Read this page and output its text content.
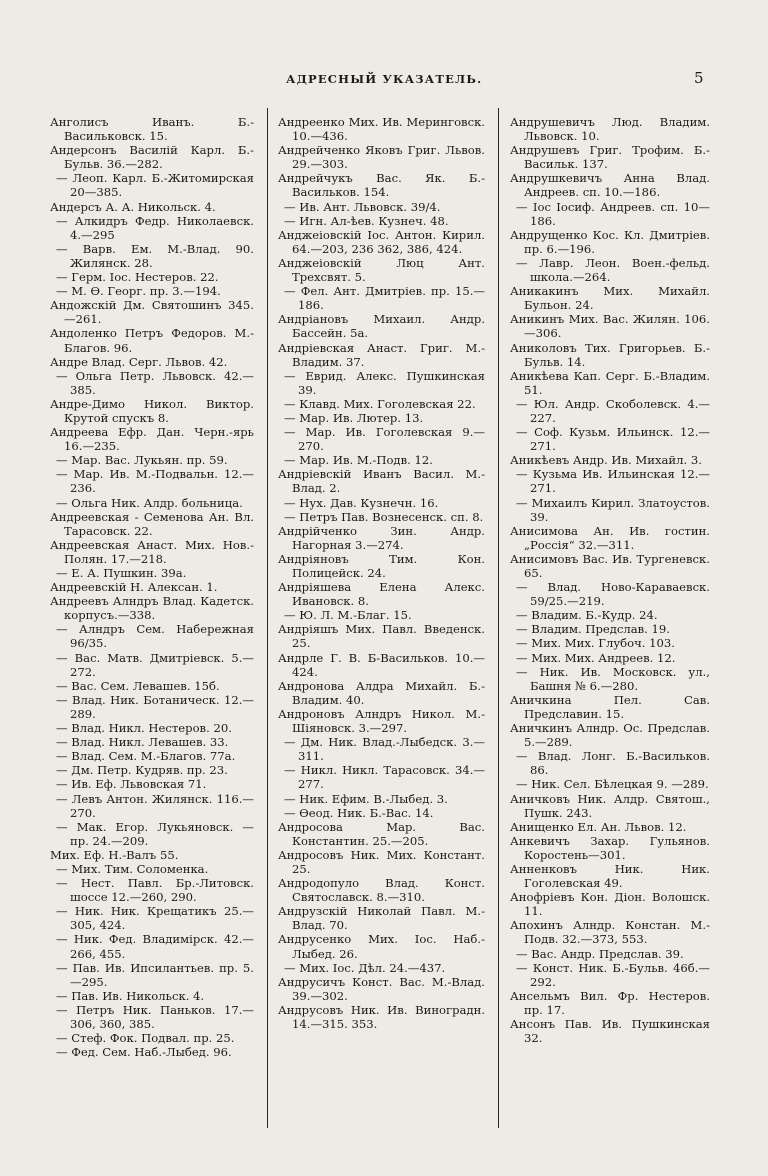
АДРЕСНЫЙ УКАЗАТЕЛЬ.	5

Анголисъ Иванъ. Б.-Васильковск. 15.

Андерсонъ Василій Карл. Б.-Бульв. 36.—282.

— Леоп. Карл. Б.-Житомирская 20—385.

Андерсъ А. А. Никольск. 4.

— Алкидръ Федр. Николаевск. 4.—295

— Варв. Ем. М.-Влад. 90. Жилянск. 28.

— Герм. Іос. Нестеров. 22.

— М. Ѳ. Георг. пр. 3.—194.

Андожскій Дм. Святошинъ 345.—261.

Андоленко Петръ Федоров. М.-Благов. 96.

Андре Влад. Серг. Львов. 42.

— Ольга Петр. Львовск. 42.—385.

Андре-Димо Никол. Виктор. Крутой спускъ 8.

Андреева Ефр. Дан. Черн.-ярь 16.—235.

— Мар. Вас. Лукьян. пр. 59.

— Мар. Ив. М.-Подвальн. 12.—236.

— Ольга Ник. Алдр. больница.

Андреевская - Семенова Ан. Вл. Тарасовск. 22.

Андреевская Анаст. Мих. Нов.-Полян. 17.—218.

— Е. А. Пушкин. 39а.

Андреевскій Н. Алексан. 1.

Андреевъ Алндръ Влад. Кадетск. корпусъ.—338.

— Алндръ Сем. Набережная 96/35.

— Вас. Матв. Дмитріевск. 5.—272.

— Вас. Сем. Левашев. 15б.

— Влад. Ник. Ботаническ. 12.—289.

— Влад. Никл. Нестеров. 20.

— Влад. Никл. Левашев. 33.

— Влад. Сем. М.-Благов. 77а.

— Дм. Петр. Кудряв. пр. 23.

— Ив. Еф. Львовская 71.

— Левъ Антон. Жилянск. 116.—270.

— Мак. Егор. Лукьяновск. — пр. 24.—209.

Мих. Еф. Н.-Валъ 55.

— Мих. Тим. Соломенка.

— Нест. Павл. Бр.-Литовск. шоссе 12.—260, 290.

— Ник. Ник. Крещатикъ 25.—305, 424.

— Ник. Фед. Владимірск. 42.—266, 455.

— Пав. Ив. Ипсилантьев. пр. 5.—295.

— Пав. Ив. Никольск. 4.

— Петръ Ник. Паньков. 17.—306, 360, 385.

— Стеф. Фок. Подвал. пр. 25.

— Фед. Сем. Наб.-Лыбед. 96.

Андреенко Мих. Ив. Меринговск. 10.—436.

Андрейченко Яковъ Григ. Львов. 29.—303.

Андрейчукъ Вас. Як. Б.-Васильков. 154.

— Ив. Ант. Львовск. 39/4.

— Игн. Ал-ѣев. Кузнеч. 48.

Анджеіовскій Іос. Антон. Кирил. 64.—203, 236 362, 386, 424.

Анджеіовскій Люц Ант. Трехсвят. 5.

— Фел. Ант. Дмитріев. пр. 15.—186.

Андріановъ Михаил. Андр. Бассейн. 5а.

Андріевская Анаст. Григ. М.-Владим. 37.

— Еврид. Алекс. Пушкинская 39.

— Клавд. Мих. Гоголевская 22.

— Мар. Ив. Лютер. 13.

— Мар. Ив. Гоголевская 9.—270.

— Мар. Ив. М.-Подв. 12.

Андріевскій Иванъ Васил. М.-Влад. 2.

— Нух. Дав. Кузнечн. 16.

— Петръ Пав. Вознесенск. сп. 8.

Андрійченко Зин. Андр. Нагорная 3.—274.

Андріяновъ Тим. Кон. Полицейск. 24.

Андріяшева Елена Алекс. Ивановск. 8.

— Ю. Л. М.-Благ. 15.

Андріяшъ Мих. Павл. Введенск. 25.

Андрле Г. В. Б-Васильков. 10.—424.

Андронова Алдра Михайл. Б.-Владим. 40.

Андроновъ Алндръ Никол. М.-Шіяновск. 3.—297.

— Дм. Ник. Влад.-Лыбедск. 3.—311.

— Никл. Никл. Тарасовск. 34.—277.

— Ник. Ефим. В.-Лыбед. 3.

— Ѳеод. Ник. Б.-Вас. 14.

Андросова Мар. Вас. Константин. 25.—205.

Андросовъ Ник. Мих. Констант. 25.

Андродопуло Влад. Конст. Святославск. 8.—310.

Андрузскій Николай Павл. М.-Влад. 70.

Андрусенко Мих. Іос. Наб.-Лыбед. 26.

— Мих. Іос. Дѣл. 24.—437.

Андрусичъ Конст. Вас. М.-Влад. 39.—302.

Андрусовъ Ник. Ив. Виноградн. 14.—315. 353.

Андрушевичъ Люд. Владим. Львовск. 10.

Андрушевъ Григ. Трофим. Б.-Васильк. 137.

Андрушкевичъ Анна Влад. Андреев. сп. 10.—186.

— Іос Іосиф. Андреев. сп. 10—186.

Андрущенко Кос. Кл. Дмитріев. пр. 6.—196.

— Лавр. Леон. Воен.-фельд. школа.—264.

Аникакинъ Мих. Михайл. Бульон. 24.

Аникинъ Мих. Вас. Жилян. 106.—306.

Аниколовъ Тих. Григорьев. Б.-Бульв. 14.

Аникѣева Кап. Серг. Б.-Владим. 51.

— Юл. Андр. Скоболевск. 4.—227.

— Соф. Кузьм. Ильинск. 12.—271.

Аникѣевъ Андр. Ив. Михайл. 3.

— Кузьма Ив. Ильинская 12.—271.

— Михаилъ Кирил. Златоустов. 39.

Анисимова Ан. Ив. гостин. „Россія“ 32.—311.

Анисимовъ Вас. Ив. Тургеневск. 65.

— Влад. Ново-Караваевск. 59/25.—219.

— Владим. Б.-Кудр. 24.

— Владим. Предслав. 19.

— Мих. Мих. Глубоч. 103.

— Мих. Мих. Андреев. 12.

— Ник. Ив. Московск. ул., Башня № 6.—280.

Аничкина Пел. Сав. Предславин. 15.

Аничкинъ Алндр. Ос. Предслав. 5.—289.

— Влад. Лонг. Б.-Васильков. 86.

— Ник. Сел. Бѣлецкая 9. —289.

Аничковъ Ник. Алдр. Святош., Пушк. 243.

Анищенко Ел. Ан. Львов. 12.

Анкевичъ Захар. Гульянов. Коростень—301.

Анненковъ Ник. Ник. Гоголевская 49.

Анофріевъ Кон. Діон. Волошск. 11.

Апохинъ Алндр. Констан. М.-Подв. 32.—373, 553.

— Вас. Андр. Предслав. 39.

— Конст. Ник. Б.-Бульв. 46б.—292.

Ансельмъ Вил. Фр. Нестеров. пр. 17.

Ансонъ Пав. Ив. Пушкинская 32.
